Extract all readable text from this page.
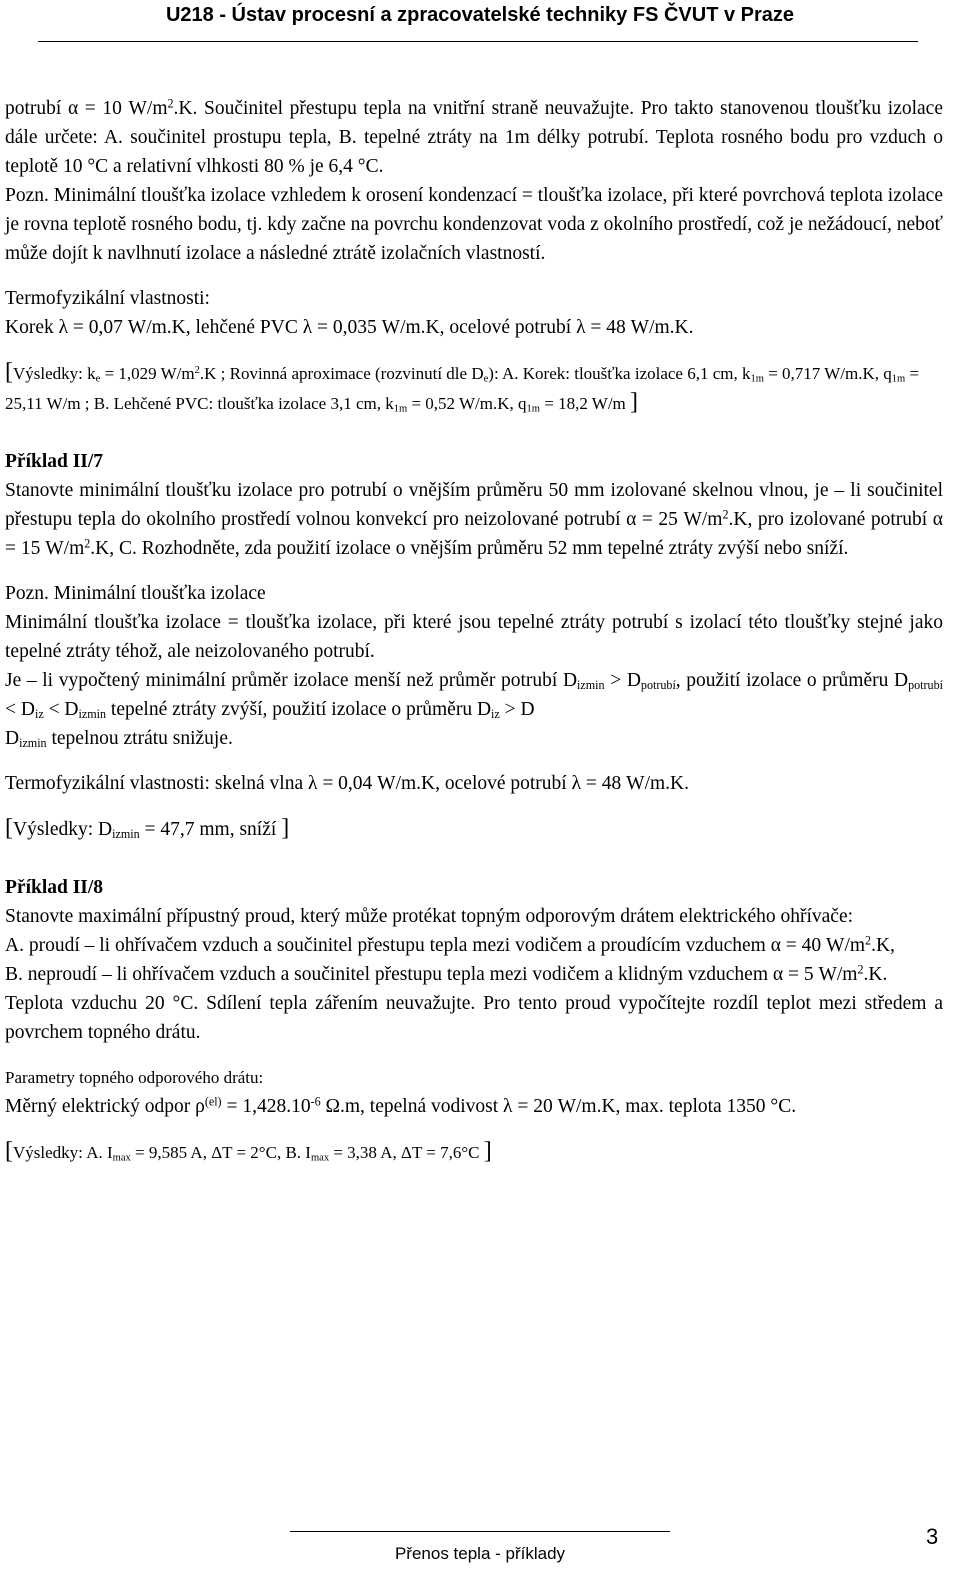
U218 - Ústav procesní a zpracovatelské techniky FS ČVUT v Praze

potrubí α = 10 $W/m^2.K$. Součinitel přestupu tepla na vnitřní straně neuvažujte. Pro takto stanovenou tloušťku izolace dále určete: A. součinitel prostupu tepla, B. tepelné ztráty na 1m délky potrubí. Teplota rosného bodu pro vzduch o teplotě 10 °C a relativní vlhkosti 80 % je 6,4 °C.

Pozn. Minimální tloušťka izolace vzhledem k orosení kondenzací = tloušťka izolace, při které povrchová teplota izolace je rovna teplotě rosného bodu, tj. kdy začne na povrchu kondenzovat voda z okolního prostředí, což je nežádoucí, neboť může dojít k navlhnutí izolace a následné ztrátě izolačních vlastností.

Termofyzikální vlastnosti:

Korek λ = 0,07 W/m.K, lehčené PVC λ = 0,035 W/m.K, ocelové potrubí λ = 48 W/m.K.

[Výsledky: $k_e = 1,029$ $W/m^2.K$ ; Rovinná aproximace (rozvinutí dle $D_e$): A. Korek: tloušťka izolace 6,1 cm, $k_{1m} = 0,717$ W/m.K, $q_{1m} = 25,11$ W/m ; B. Lehčené PVC: tloušťka izolace 3,1 cm, $k_{1m} = 0,52$ W/m.K, $q_{1m} = 18,2$ W/m ]

Příklad II/7

Stanovte minimální tloušťku izolace pro potrubí o vnějším průměru 50 mm izolované skelnou vlnou, je – li součinitel přestupu tepla do okolního prostředí volnou konvekcí pro neizolované potrubí α = 25 $W/m^2.K$, pro izolované potrubí α = 15 $W/m^2.K$, C. Rozhodněte, zda použití izolace o vnějším průměru 52 mm tepelné ztráty zvýší nebo sníží.

Pozn. Minimální tloušťka izolace

Minimální tloušťka izolace = tloušťka izolace, při které jsou tepelné ztráty potrubí s izolací této tloušťky stejné jako tepelné ztráty téhož, ale neizolovaného potrubí.

Je – li vypočtený minimální průměr izolace menší než průměr potrubí $D_{izmin} > D_{potrubí}$, použití izolace o průměru $D_{potrubí} < D_{iz} < D_{izmin}$ tepelné ztráty zvýší, použití izolace o průměru $D_{iz} > D$
$D_{izmin}$ tepelnou ztrátu snižuje.

Termofyzikální vlastnosti: skelná vlna λ = 0,04 W/m.K, ocelové potrubí λ = 48 W/m.K.

[Výsledky: $D_{izmin} = 47,7$ mm, sníží ]

Příklad II/8

Stanovte maximální přípustný proud, který může protékat topným odporovým drátem elektrického ohřívače:

A. proudí – li ohřívačem vzduch a součinitel přestupu tepla mezi vodičem a proudícím vzduchem α = 40 $W/m^2.K$,

B. neproudí – li ohřívačem vzduch a součinitel přestupu tepla mezi vodičem a klidným vzduchem α = 5 $W/m^2.K$.

Teplota vzduchu 20 °C. Sdílení tepla zářením neuvažujte. Pro tento proud vypočítejte rozdíl teplot mezi středem a povrchem topného drátu.

Parametry topného odporového drátu:

Měrný elektrický odpor $\rho^{(el)} = 1,428.10^{-6}$ Ω.m, tepelná vodivost λ = 20 W/m.K, max. teplota 1350 °C.

[Výsledky: A. $I_{max} = 9,585$ A, ΔT = 2°C, B. $I_{max} = 3,38$ A, ΔT = 7,6°C ]

Přenos tepla - příklady
3
